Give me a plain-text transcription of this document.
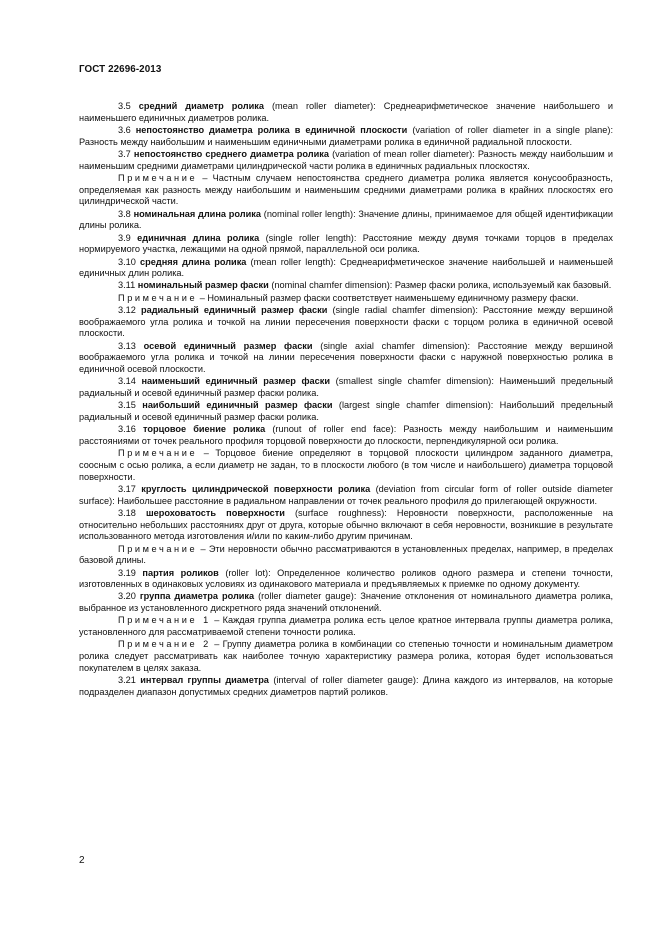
ГОСТ 22696-2013

3.5 средний диаметр ролика (mean roller diameter): Среднеарифметическое значение наибольшего и наименьшего единичных диаметров ролика.

3.6 непостоянство диаметра ролика в единичной плоскости (variation of roller diameter in a single plane): Разность между наибольшим и наименьшим единичными диаметрами ролика в единичной радиальной плоскости.

3.7 непостоянство среднего диаметра ролика (variation of mean roller diameter): Разность между наибольшим и наименьшим средними диаметрами цилиндрической части ролика в единичных радиальных плоскостях.

Примечание – Частным случаем непостоянства среднего диаметра ролика является конусообразность, определяемая как разность между наибольшим и наименьшим средними диаметрами ролика в крайних плоскостях его цилиндрической части.

3.8 номинальная длина ролика (nominal roller length): Значение длины, принимаемое для общей идентификации длины ролика.

3.9 единичная длина ролика (single roller length): Расстояние между двумя точками торцов в пределах нормируемого участка, лежащими на одной прямой, параллельной оси ролика.

3.10 средняя длина ролика (mean roller length): Среднеарифметическое значение наибольшей и наименьшей единичных длин ролика.

3.11 номинальный размер фаски (nominal chamfer dimension): Размер фаски ролика, используемый как базовый.

Примечание – Номинальный размер фаски соответствует наименьшему единичному размеру фаски.

3.12 радиальный единичный размер фаски (single radial chamfer dimension): Расстояние между вершиной воображаемого угла ролика и точкой на линии пересечения поверхности фаски с торцом ролика в единичной осевой плоскости.

3.13 осевой единичный размер фаски (single axial chamfer dimension): Расстояние между вершиной воображаемого угла ролика и точкой на линии пересечения поверхности фаски с наружной поверхностью ролика в единичной осевой плоскости.

3.14 наименьший единичный размер фаски (smallest single chamfer dimension): Наименьший предельный радиальный и осевой единичный размер фаски ролика.

3.15 наибольший единичный размер фаски (largest single chamfer dimension): Наибольший предельный радиальный и осевой единичный размер фаски ролика.

3.16 торцовое биение ролика (runout of roller end face): Разность между наибольшим и наименьшим расстояниями от точек реального профиля торцовой поверхности до плоскости, перпендикулярной оси ролика.

Примечание – Торцовое биение определяют в торцовой плоскости цилиндром заданного диаметра, соосным с осью ролика, а если диаметр не задан, то в плоскости любого (в том числе и наибольшего) диаметра торцовой поверхности.

3.17 круглость цилиндрической поверхности ролика (deviation from circular form of roller outside diameter surface): Наибольшее расстояние в радиальном направлении от точек реального профиля до прилегающей окружности.

3.18 шероховатость поверхности (surface roughness): Неровности поверхности, расположенные на относительно небольших расстояниях друг от друга, которые обычно включают в себя неровности, возникшие в результате использованного метода изготовления и/или по каким-либо другим причинам.

Примечание – Эти неровности обычно рассматриваются в установленных пределах, например, в пределах базовой длины.

3.19 партия роликов (roller lot): Определенное количество роликов одного размера и степени точности, изготовленных в одинаковых условиях из одинакового материала и предъявляемых к приемке по одному документу.

3.20 группа диаметра ролика (roller diameter gauge): Значение отклонения от номинального диаметра ролика, выбранное из установленного дискретного ряда значений отклонений.

Примечание 1 – Каждая группа диаметра ролика есть целое кратное интервала группы диаметра ролика, установленного для рассматриваемой степени точности ролика.

Примечание 2 – Группу диаметра ролика в комбинации со степенью точности и номинальным диаметром ролика следует рассматривать как наиболее точную характеристику размера ролика, которая будет использоваться покупателем в целях заказа.

3.21 интервал группы диаметра (interval of roller diameter gauge): Длина каждого из интервалов, на которые подразделен диапазон допустимых средних диаметров партий роликов.

2
